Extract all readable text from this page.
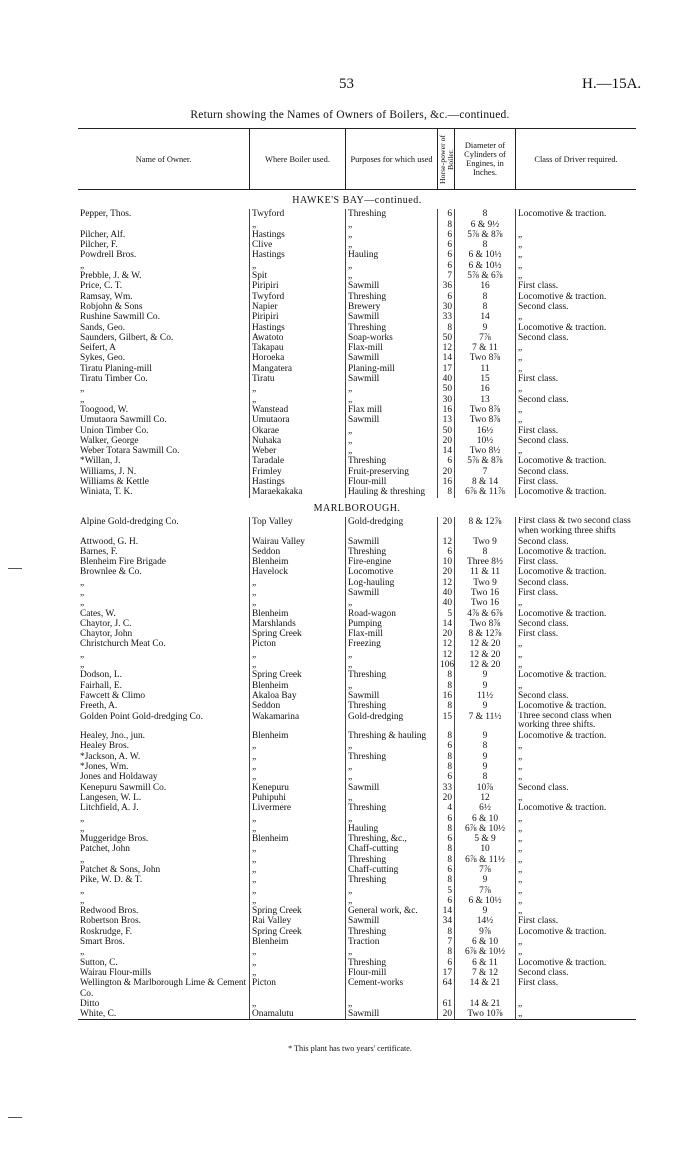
53	H.—15A.
Return showing the Names of Owners of Boilers, &c.—continued.
Name of Owner.	Where Boiler used.	Purposes for which used	Horse-power of Boiler.	Diameter of Cylinders of Engines, in Inches.	Class of Driver required.
HAWKE'S BAY—continued.					
Pepper, Thos.	Twyford	Threshing	6	8	Locomotive & traction.
	„	„	8	6 & 9½	
Pilcher, Alf.	Hastings	„	6	5⅞ & 8⅞	„
Pilcher, F.	Clive	„	6	8	„
Powdrell Bros.	Hastings	Hauling	6	6 & 10½	„
„	„	„	6	6 & 10½	„
Prebble, J. & W.	Spit	„	7	5⅞ & 6⅞	„
Price, C. T.	Piripiri	Sawmill	36	16	First class.
Ramsay, Wm.	Twyford	Threshing	6	8	Locomotive & traction.
Robjohn & Sons	Napier	Brewery	30	8	Second class.
Rushine Sawmill Co.	Piripiri	Sawmill	33	14	„
Sands, Geo.	Hastings	Threshing	8	9	Locomotive & traction.
Saunders, Gilbert, & Co.	Awatoto	Soap-works	50	7⅞	Second class.
Seifert, A	Takapau	Flax-mill	12	7 & 11	„
Sykes, Geo.	Horoeka	Sawmill	14	Two 8⅞	„
Tiratu Planing-mill	Mangatera	Planing-mill	17	11	„
Tiratu Timber Co.	Tiratu	Sawmill	40	15	First class.
„	„	„	50	16	„
„	„	„	30	13	Second class.
Toogood, W.	Wanstead	Flax mill	16	Two 8⅞	„
Umutaora Sawmill Co.	Umutaora	Sawmill	13	Two 8⅞	„
Union Timber Co.	Okarae	„	50	16½	First class.
Walker, George	Nuhaka	„	20	10½	Second class.
Weber Totara Sawmill Co.	Weber	„	14	Two 8½	„
*Willan, J.	Taradale	Threshing	6	5⅞ & 8⅞	Locomotive & traction.
Williams, J. N.	Frimley	Fruit-preserving	20	7	Second class.
Williams & Kettle	Hastings	Flour-mill	16	8 & 14	First class.
Winiata, T. K.	Maraekakaka	Hauling & threshing	8	6⅞ & 11⅞	Locomotive & traction.
MARLBOROUGH.					
Alpine Gold-dredging Co.	Top Valley	Gold-dredging	20	8 & 12⅞	First class & two second class when working three shifts
Attwood, G. H.	Wairau Valley	Sawmill	12	Two 9	Second class.
Barnes, F.	Seddon	Threshing	6	8	Locomotive & traction.
Blenheim Fire Brigade	Blenheim	Fire-engine	10	Three 8½	First class.
Brownlee & Co.	Havelock	Locomotive	20	11 & 11	Locomotive & traction.
„	„	Log-hauling	12	Two 9	Second class.
„	„	Sawmill	40	Two 16	First class.
„	„	„	40	Two 16	„
Cates, W.	Blenheim	Road-wagon	5	4⅞ & 6⅞	Locomotive & traction.
Chaytor, J. C.	Marshlands	Pumping	14	Two 8⅞	Second class.
Chaytor, John	Spring Creek	Flax-mill	20	8 & 12⅞	First class.
Christchurch Meat Co.	Picton	Freezing	12	12 & 20	„
„	„	„	12	12 & 20	„
„	„	„	106	12 & 20	„
Dodson, L.	Spring Creek	Threshing	8	9	Locomotive & traction.
Fairhall, E.	Blenheim	„	8	9	„
Fawcett & Climo	Akaloa Bay	Sawmill	16	11½	Second class.
Freeth, A.	Seddon	Threshing	8	9	Locomotive & traction.
Golden Point Gold-dredging Co.	Wakamarina	Gold-dredging	15	7 & 11½	Three second class when working three shifts.
Healey, Jno., jun.	Blenheim	Threshing & hauling	8	9	Locomotive & traction.
Healey Bros.	„	„	6	8	„
*Jackson, A. W.	„	Threshing	8	9	„
*Jones, Wm.	„	„	8	9	„
Jones and Holdaway	„	„	6	8	„
Kenepuru Sawmill Co.	Kenepuru	Sawmill	33	10⅞	Second class.
Langesen, W. L.	Puhipuhi	„	20	12	„
Litchfield, A. J.	Livermere	Threshing	4	6½	Locomotive & traction.
„	„	„	6	6 & 10	„
„	„	Hauling	8	6⅞ & 10½	„
Muggeridge Bros.	Blenheim	Threshing, &c.,	6	5 & 9	„
Patchet, John	„	Chaff-cutting	8	10	„
„	„	Threshing	8	6⅞ & 11½	„
Patchet & Sons, John	„	Chaff-cutting	6	7⅞	„
Pike, W. D. & T.	„	Threshing	8	9	„
„	„	„	5	7⅞	„
„	„	„	6	6 & 10½	„
Redwood Bros.	Spring Creek	General work, &c.	14	9	„
Robertson Bros.	Rai Valley	Sawmill	34	14½	First class.
Roskrudge, F.	Spring Creek	Threshing	8	9⅞	Locomotive & traction.
Smart Bros.	Blenheim	Traction	7	6 & 10	„
„	„	„	8	6⅞ & 10½	„
Sutton, C.	„	Threshing	6	6 & 11	Locomotive & traction.
Wairau Flour-mills	„	Flour-mill	17	7 & 12	Second class.
Wellington & Marlborough Lime & Cement Co.	Picton	Cement-works	64	14 & 21	First class.
Ditto	„	„	61	14 & 21	„
White, C.	Onamalutu	Sawmill	20	Two 10⅞	„
* This plant has two years' certificate.
